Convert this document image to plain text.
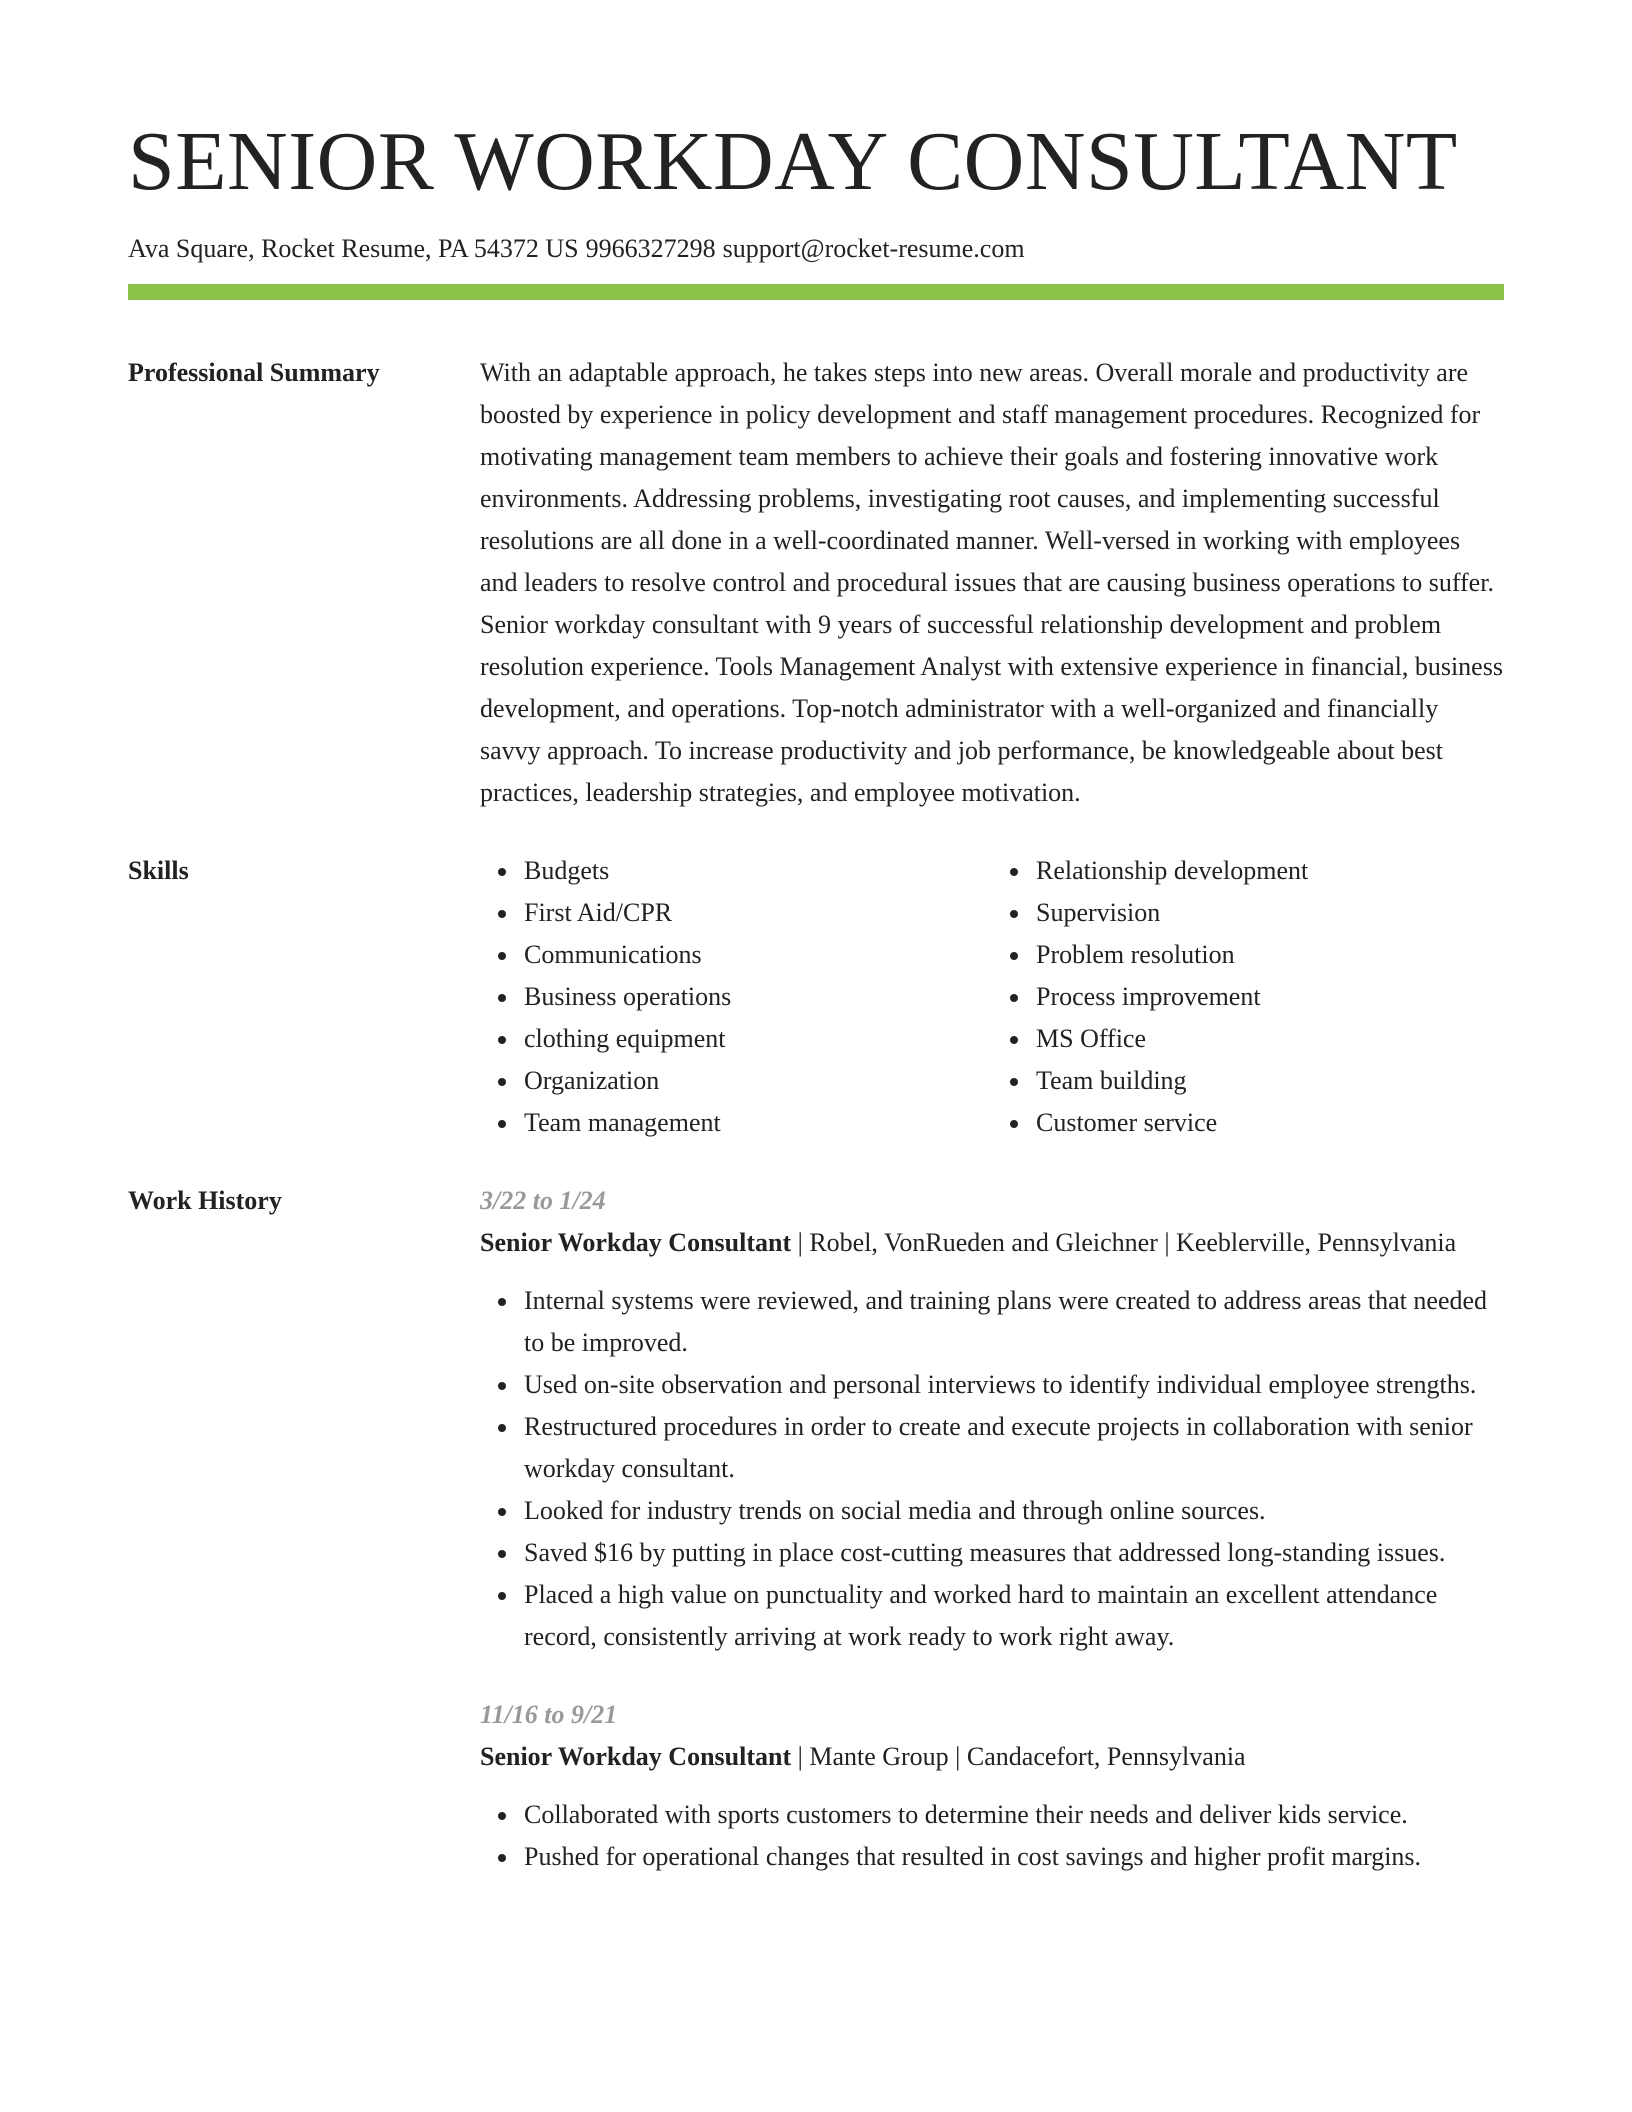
SENIOR WORKDAY CONSULTANT
Ava Square, Rocket Resume, PA 54372 US 9966327298 support@rocket-resume.com
Professional Summary	With an adaptable approach, he takes steps into new areas. Overall morale and productivity are boosted by experience in policy development and staff management procedures. Recognized for motivating management team members to achieve their goals and fostering innovative work environments. Addressing problems, investigating root causes, and implementing successful resolutions are all done in a well-coordinated manner. Well-versed in working with employees and leaders to resolve control and procedural issues that are causing business operations to suffer. Senior workday consultant with 9 years of successful relationship development and problem resolution experience. Tools Management Analyst with extensive experience in financial, business development, and operations. Top-notch administrator with a well-organized and financially savvy approach. To increase productivity and job performance, be knowledgeable about best practices, leadership strategies, and employee motivation.

Skills	Budgets
First Aid/CPR
Communications
Business operations
clothing equipment
Organization
Team management
Relationship development
Supervision
Problem resolution
Process improvement
MS Office
Team building
Customer service
Work History	3/22 to 1/24

Senior Workday Consultant | Robel, VonRueden and Gleichner | Keeblerville, Pennsylvania

Internal systems were reviewed, and training plans were created to address areas that needed to be improved.
Used on-site observation and personal interviews to identify individual employee strengths.
Restructured procedures in order to create and execute projects in collaboration with senior workday consultant.
Looked for industry trends on social media and through online sources.
Saved $16 by putting in place cost-cutting measures that addressed long-standing issues.
Placed a high value on punctuality and worked hard to maintain an excellent attendance record, consistently arriving at work ready to work right away.

11/16 to 9/21

Senior Workday Consultant | Mante Group | Candacefort, Pennsylvania

Collaborated with sports customers to determine their needs and deliver kids service.
Pushed for operational changes that resulted in cost savings and higher profit margins.
